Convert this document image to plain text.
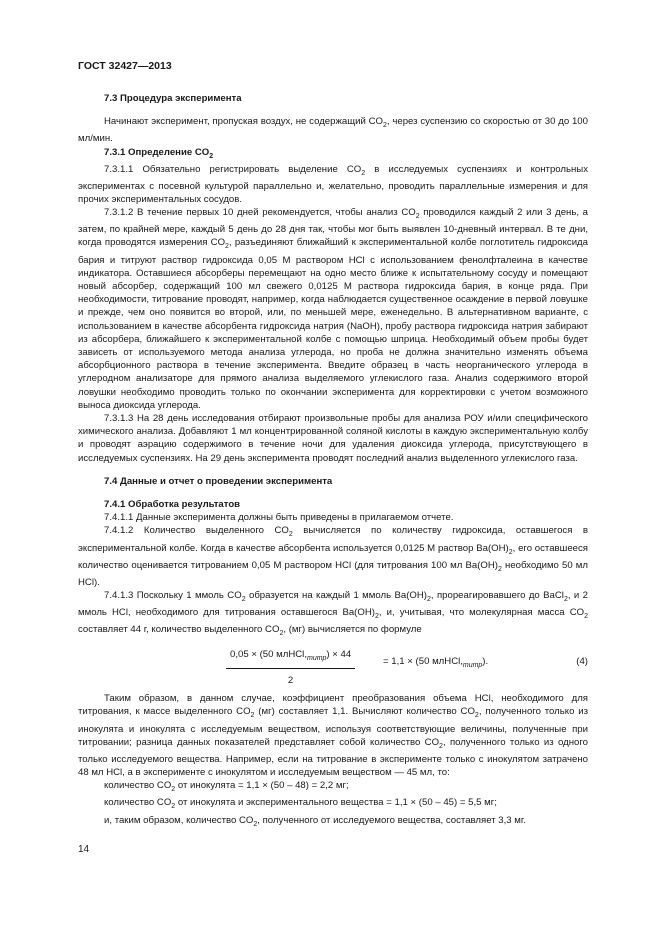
ГОСТ 32427—2013

7.3 Процедура эксперимента

Начинают эксперимент, пропуская воздух, не содержащий $CO_2$, через суспензию со скоростью от 30 до 100 мл/мин.

7.3.1 Определение $CO_2$

7.3.1.1 Обязательно регистрировать выделение $CO_2$ в исследуемых суспензиях и контрольных экспериментах с посевной культурой параллельно и, желательно, проводить параллельные измерения и для прочих экспериментальных сосудов.

7.3.1.2 В течение первых 10 дней рекомендуется, чтобы анализ $CO_2$ проводился каждый 2 или 3 день, а затем, по крайней мере, каждый 5 день до 28 дня так, чтобы мог быть выявлен 10-дневный интервал. В те дни, когда проводятся измерения $CO_2$, разъединяют ближайший к экспериментальной колбе поглотитель гидроксида бария и титруют раствор гидроксида 0,05 М раствором HCl с использованием фенолфталеина в качестве индикатора. Оставшиеся абсорберы перемещают на одно место ближе к испытательному сосуду и помещают новый абсорбер, содержащий 100 мл свежего 0,0125 М раствора гидроксида бария, в конце ряда. При необходимости, титрование проводят, например, когда наблюдается существенное осаждение в первой ловушке и прежде, чем оно появится во второй, или, по меньшей мере, еженедельно. В альтернативном варианте, с использованием в качестве абсорбента гидроксида натрия (NaOH), пробу раствора гидроксида натрия забирают из абсорбера, ближайшего к экспериментальной колбе с помощью шприца. Необходимый объем пробы будет зависеть от используемого метода анализа углерода, но проба не должна значительно изменять объема абсорбционного раствора в течение эксперимента. Введите образец в часть неорганического углерода в углеродном анализаторе для прямого анализа выделяемого углекислого газа. Анализ содержимого второй ловушки необходимо проводить только по окончании эксперимента для корректировки с учетом возможного выноса диоксида углерода.

7.3.1.3 На 28 день исследования отбирают произвольные пробы для анализа РОУ и/или специфического химического анализа. Добавляют 1 мл концентрированной соляной кислоты в каждую экспериментальную колбу и проводят аэрацию содержимого в течение ночи для удаления диоксида углерода, присутствующего в исследуемых суспензиях. На 29 день эксперимента проводят последний анализ выделенного углекислого газа.

7.4 Данные и отчет о проведении эксперимента

7.4.1 Обработка результатов

7.4.1.1 Данные эксперимента должны быть приведены в прилагаемом отчете.

7.4.1.2 Количество выделенного $CO_2$ вычисляется по количеству гидроксида, оставшегося в экспериментальной колбе. Когда в качестве абсорбента используется 0,0125 М раствор $Ba(OH)_2$, его оставшееся количество оценивается титрованием 0,05 М раствором HCl (для титрования 100 мл $Ba(OH)_2$ необходимо 50 мл HCl).

7.4.1.3 Поскольку 1 ммоль $CO_2$ образуется на каждый 1 ммоль $Ba(OH)_2$, прореагировавшего до BaCl$_2$, и 2 ммоль HCl, необходимого для титрования оставшегося $Ba(OH)_2$, и, учитывая, что молекулярная масса $CO_2$ составляет 44 г, количество выделенного $CO_2$, (мг) вычисляется по формуле

0,05 × (50 $млHCl,_{титр}) \times 44$
2
= 1,1 × (50 $млHCl,_{титр}$).	(4)

Таким образом, в данном случае, коэффициент преобразования объема HCl, необходимого для титрования, к массе выделенного $CO_2$ (мг) составляет 1,1. Вычисляют количество $CO_2$, полученного только из инокулята и инокулята с исследуемым веществом, используя соответствующие величины, полученные при титровании; разница данных показателей представляет собой количество $CO_2$, полученного только из одного только исследуемого вещества. Например, если на титрование в эксперименте только с инокулятом затрачено 48 мл HCl, а в эксперименте с инокулятом и исследуемым веществом — 45 мл, то:

количество $CO_2$ от инокулята = 1,1 × (50 – 48) = 2,2 мг;

количество $CO_2$ от инокулята и экспериментального вещества = 1,1 × (50 – 45) = 5,5 мг;

и, таким образом, количество $CO_2$, полученного от исследуемого вещества, составляет 3,3 мг.

14
